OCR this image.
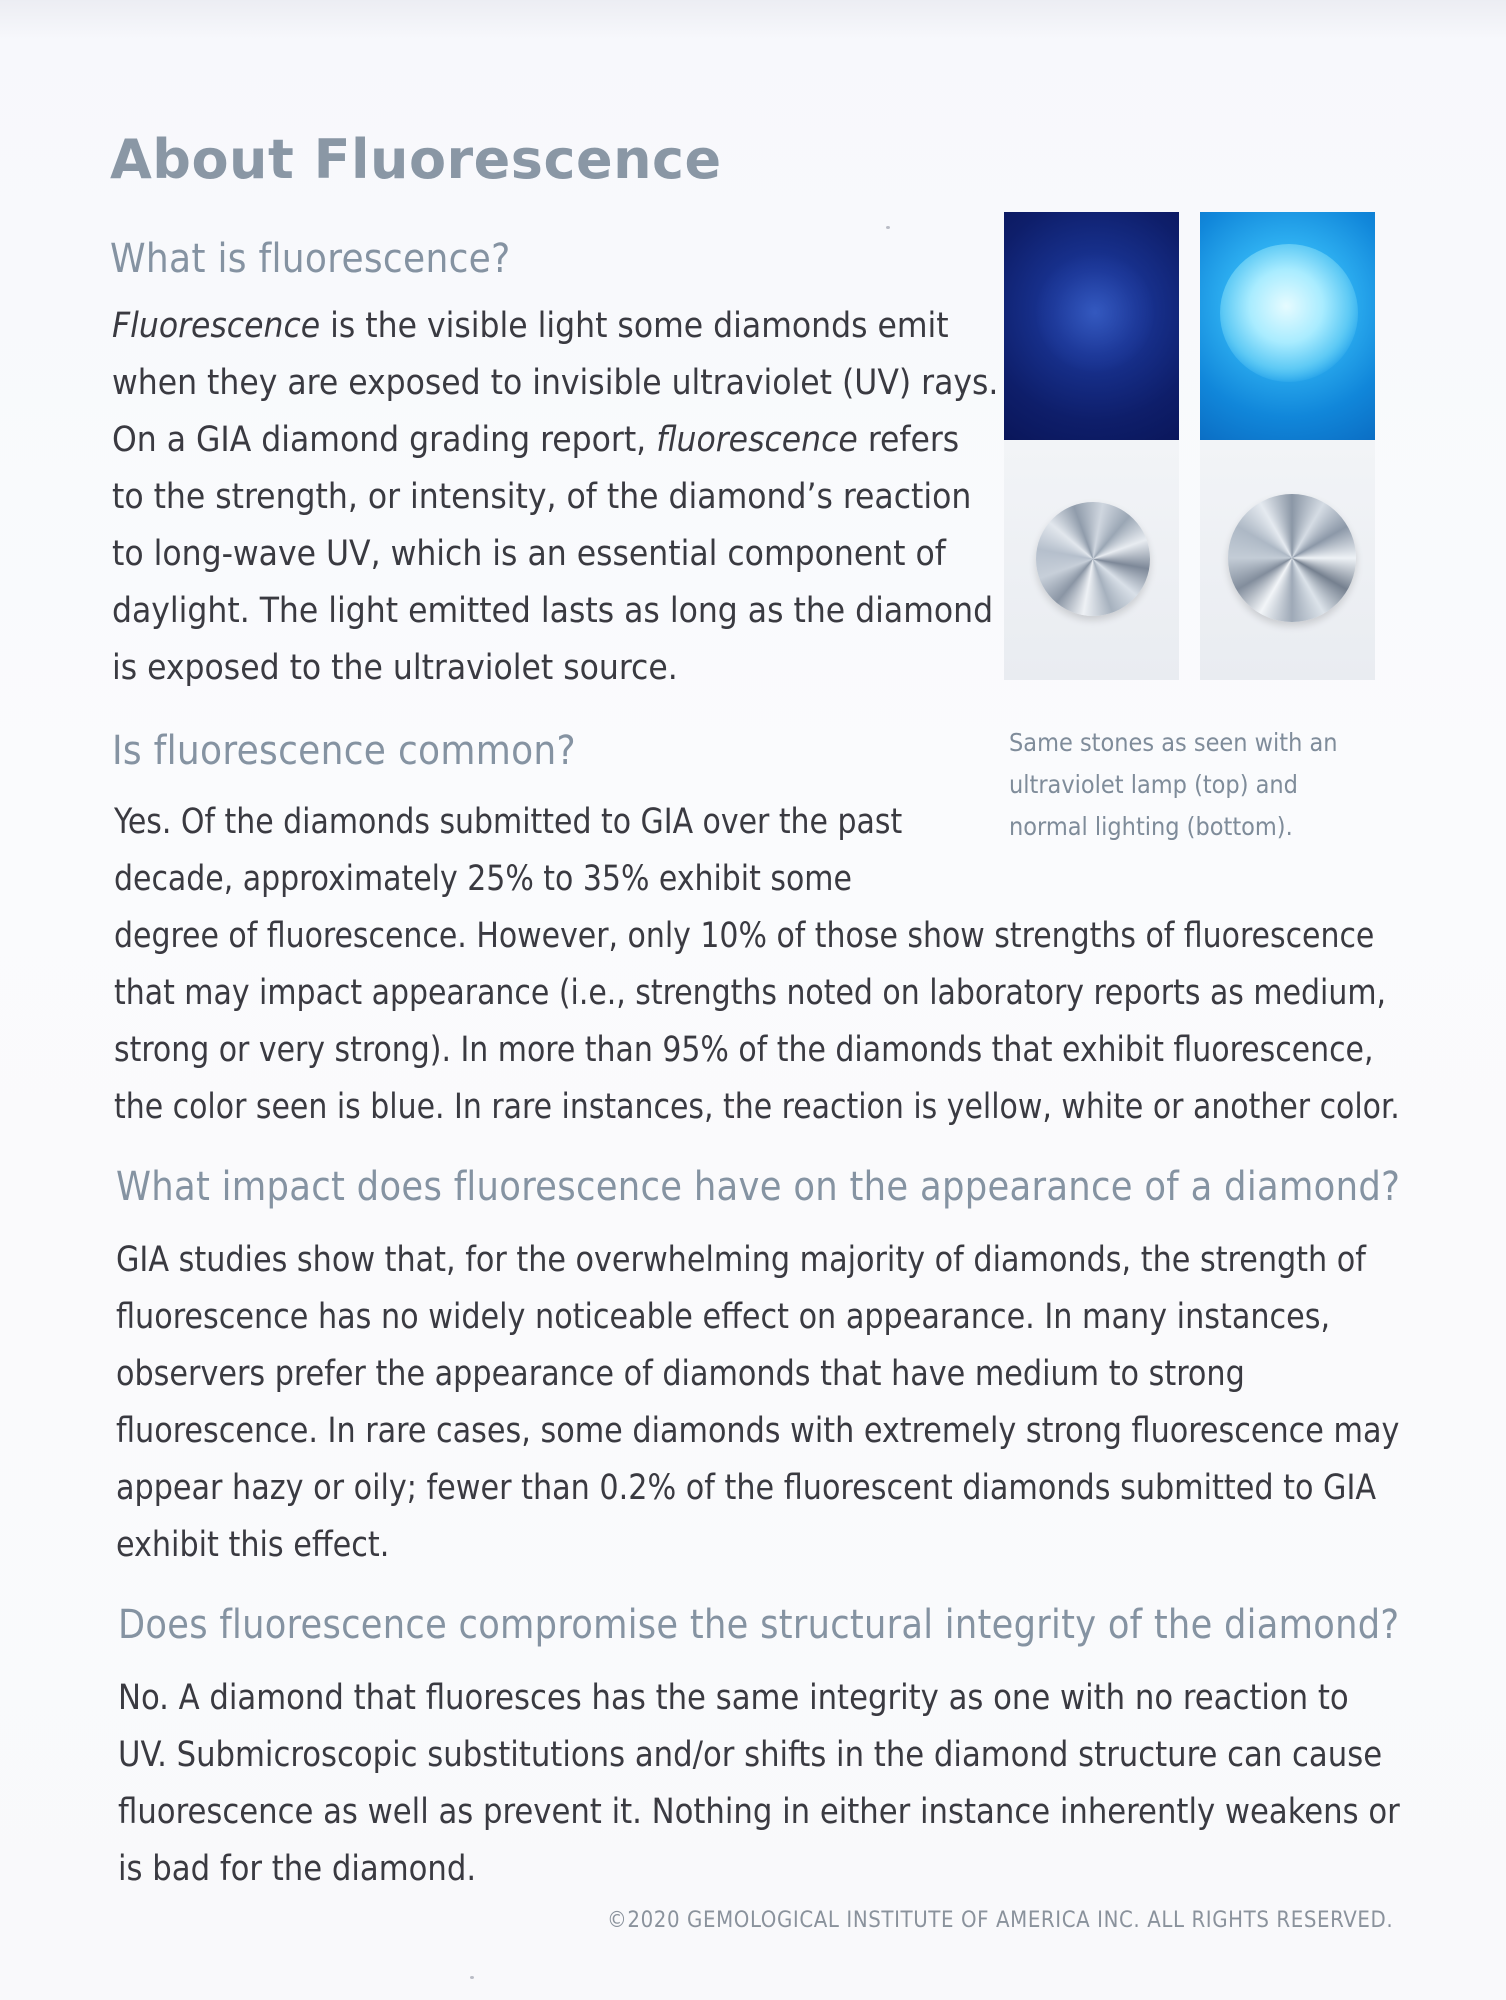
About Fluorescence
What is fluorescence?
Fluorescence is the visible light some diamonds emit
when they are exposed to invisible ultraviolet (UV) rays.
On a GIA diamond grading report, fluorescence refers
to the strength, or intensity, of the diamond’s reaction
to long-wave UV, which is an essential component of
daylight. The light emitted lasts as long as the diamond
is exposed to the ultraviolet source.
Same stones as seen with an
ultraviolet lamp (top) and
normal lighting (bottom).
Is fluorescence common?
Yes. Of the diamonds submitted to GIA over the past
decade, approximately 25% to 35% exhibit some
degree of fluorescence. However, only 10% of those show strengths of fluorescence
that may impact appearance (i.e., strengths noted on laboratory reports as medium,
strong or very strong). In more than 95% of the diamonds that exhibit fluorescence,
the color seen is blue. In rare instances, the reaction is yellow, white or another color.
What impact does fluorescence have on the appearance of a diamond?
GIA studies show that, for the overwhelming majority of diamonds, the strength of
fluorescence has no widely noticeable effect on appearance. In many instances,
observers prefer the appearance of diamonds that have medium to strong
fluorescence. In rare cases, some diamonds with extremely strong fluorescence may
appear hazy or oily; fewer than 0.2% of the fluorescent diamonds submitted to GIA
exhibit this effect.
Does fluorescence compromise the structural integrity of the diamond?
No. A diamond that fluoresces has the same integrity as one with no reaction to
UV. Submicroscopic substitutions and/or shifts in the diamond structure can cause
fluorescence as well as prevent it. Nothing in either instance inherently weakens or
is bad for the diamond.

©2020 GEMOLOGICAL INSTITUTE OF AMERICA INC. ALL RIGHTS RESERVED.
